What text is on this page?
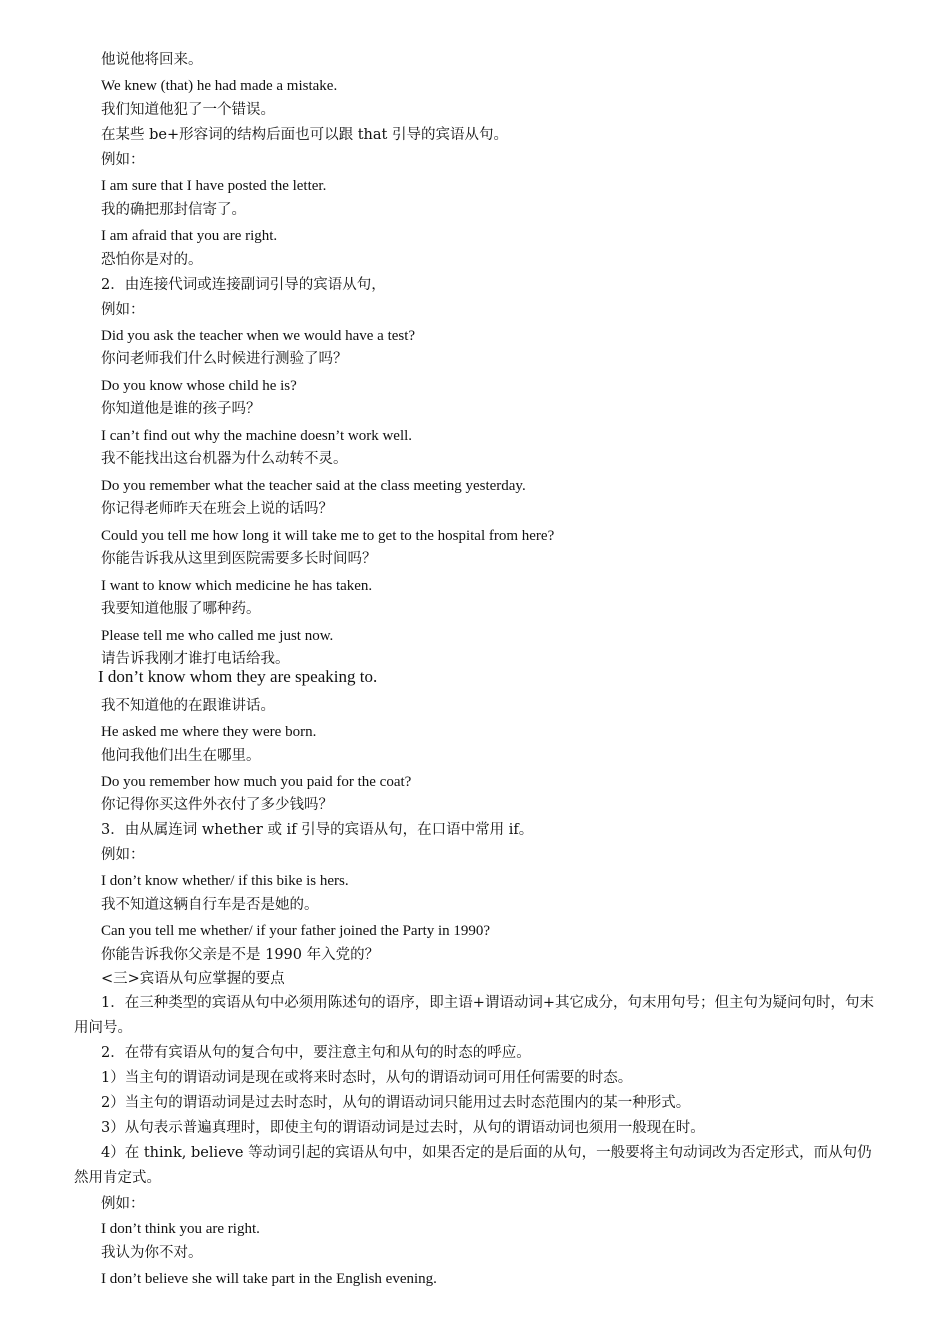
他说他将回来。
We knew (that) he had made a mistake.
我们知道他犯了一个错误。
在某些 be+形容词的结构后面也可以跟 that 引导的宾语从句。
例如：
I am sure that I have posted the letter.
我的确把那封信寄了。
I am afraid that you are right.
恐怕你是对的。
2．由连接代词或连接副词引导的宾语从句，
例如：
Did you ask the teacher when we would have a test?
你问老师我们什么时候进行测验了吗？
Do you know whose child he is?
你知道他是谁的孩子吗？
I can’t find out why the machine doesn’t work well.
我不能找出这台机器为什么动转不灵。
Do you remember what the teacher said at the class meeting yesterday.
你记得老师昨天在班会上说的话吗？
Could you tell me how long it will take me to get to the hospital from here?
你能告诉我从这里到医院需要多长时间吗？
I want to know which medicine he has taken.
我要知道他服了哪种药。
Please tell me who called me just now.
请告诉我刚才谁打电话给我。
I don’t know whom they are speaking to.
我不知道他的在跟谁讲话。
He asked me where they were born.
他问我他们出生在哪里。
Do you remember how much you paid for the coat?
你记得你买这件外衣付了多少钱吗？
3．由从属连词 whether 或 if 引导的宾语从句，在口语中常用 if。
例如：
I don’t know whether/ if this bike is hers.
我不知道这辆自行车是否是她的。
Can you tell me whether/ if your father joined the Party in 1990?
你能告诉我你父亲是不是 1990 年入党的？
<三>宾语从句应掌握的要点
1．在三种类型的宾语从句中必须用陈述句的语序，即主语+谓语动词+其它成分，句末用句号；但主句为疑问句时，句末用问号。
2．在带有宾语从句的复合句中，要注意主句和从句的时态的呼应。
1）当主句的谓语动词是现在或将来时态时，从句的谓语动词可用任何需要的时态。
2）当主句的谓语动词是过去时态时，从句的谓语动词只能用过去时态范围内的某一种形式。
3）从句表示普遍真理时，即使主句的谓语动词是过去时，从句的谓语动词也须用一般现在时。
4）在 think, believe 等动词引起的宾语从句中，如果否定的是后面的从句，一般要将主句动词改为否定形式，而从句仍然用肯定式。
例如：
I don’t think you are right.
我认为你不对。
I don’t believe she will take part in the English evening.
